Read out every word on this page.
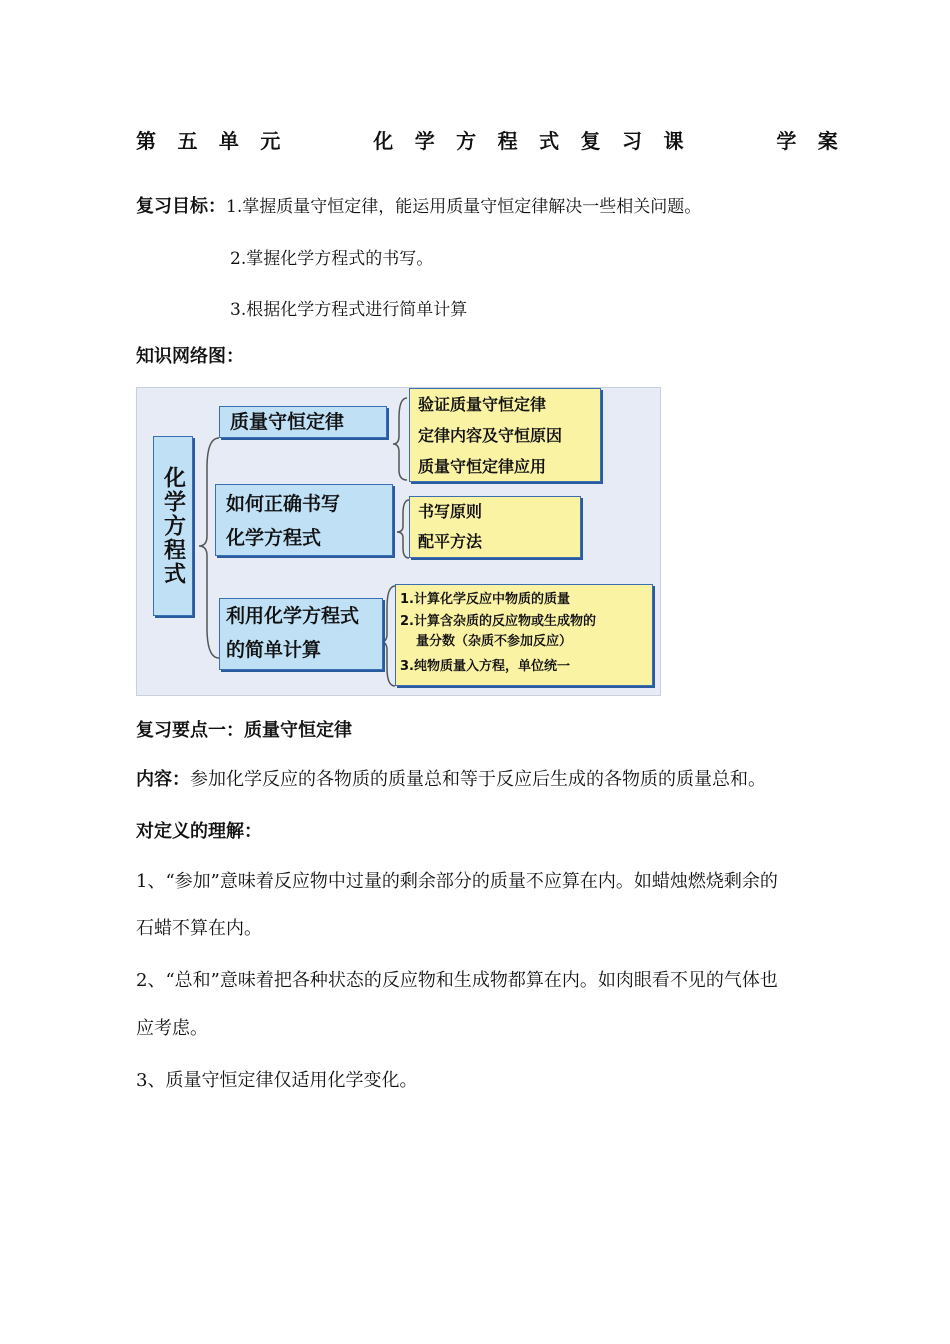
第 五 单 元	化 学 方 程 式 复 习 课	学 案
复习目标：1.掌握质量守恒定律，能运用质量守恒定律解决一些相关问题。
2.掌握化学方程式的书写。
3.根据化学方程式进行简单计算
知识网络图：
化学方程式
质量守恒定律
如何正确书写
化学方程式
利用化学方程式
的简单计算
验证质量守恒定律
定律内容及守恒原因
质量守恒定律应用
书写原则
配平方法
1.计算化学反应中物质的质量
2.计算含杂质的反应物或生成物的
量分数（杂质不参加反应）
3.纯物质量入方程，单位统一
复习要点一：质量守恒定律
内容：参加化学反应的各物质的质量总和等于反应后生成的各物质的质量总和。
对定义的理解：
1、“参加”意味着反应物中过量的剩余部分的质量不应算在内。如蜡烛燃烧剩余的
石蜡不算在内。
2、“总和”意味着把各种状态的反应物和生成物都算在内。如肉眼看不见的气体也
应考虑。
3、质量守恒定律仅适用化学变化。
